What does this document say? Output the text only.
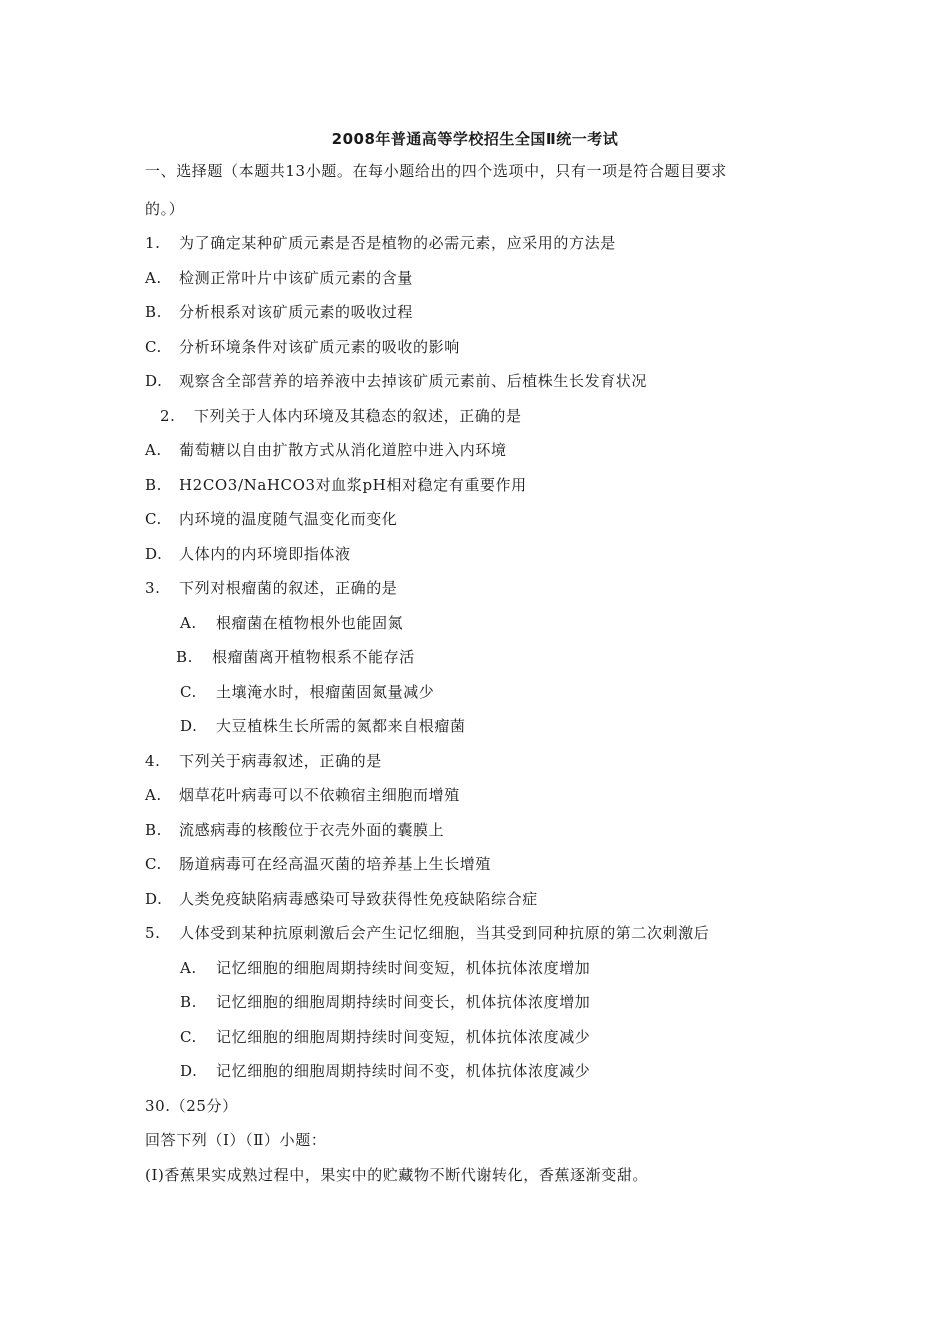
2008年普通高等学校招生全国Ⅱ统一考试
一、选择题（本题共13小题。在每小题给出的四个选项中，只有一项是符合题目要求
的。）
1. 为了确定某种矿质元素是否是植物的必需元素，应采用的方法是
A. 检测正常叶片中该矿质元素的含量
B. 分析根系对该矿质元素的吸收过程
C. 分析环境条件对该矿质元素的吸收的影响
D. 观察含全部营养的培养液中去掉该矿质元素前、后植株生长发育状况
2. 下列关于人体内环境及其稳态的叙述，正确的是
A. 葡萄糖以自由扩散方式从消化道腔中进入内环境
B. H2CO3/NaHCO3对血浆pH相对稳定有重要作用
C. 内环境的温度随气温变化而变化
D. 人体内的内环境即指体液
3. 下列对根瘤菌的叙述，正确的是
A. 根瘤菌在植物根外也能固氮
B. 根瘤菌离开植物根系不能存活
C. 土壤淹水时，根瘤菌固氮量减少
D. 大豆植株生长所需的氮都来自根瘤菌
4. 下列关于病毒叙述，正确的是
A. 烟草花叶病毒可以不依赖宿主细胞而增殖
B. 流感病毒的核酸位于衣壳外面的囊膜上
C. 肠道病毒可在经高温灭菌的培养基上生长增殖
D. 人类免疫缺陷病毒感染可导致获得性免疫缺陷综合症
5. 人体受到某种抗原刺激后会产生记忆细胞，当其受到同种抗原的第二次刺激后
A. 记忆细胞的细胞周期持续时间变短，机体抗体浓度增加
B. 记忆细胞的细胞周期持续时间变长，机体抗体浓度增加
C. 记忆细胞的细胞周期持续时间变短，机体抗体浓度减少
D. 记忆细胞的细胞周期持续时间不变，机体抗体浓度减少
30.（25分）
回答下列（Ⅰ）（Ⅱ）小题：
(Ⅰ)香蕉果实成熟过程中，果实中的贮藏物不断代谢转化，香蕉逐渐变甜。
